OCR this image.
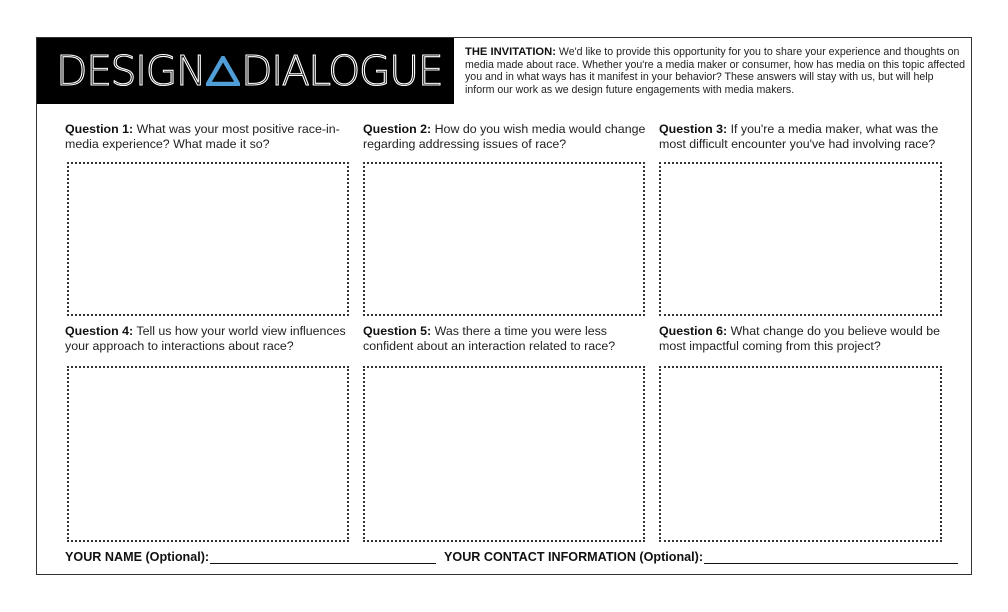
DESIGN DIALOGUE THE INVITATION: We'd like to provide this opportunity for you to share your experience and thoughts on media made about race. Whether you're a media maker or consumer, how has media on this topic affected you and in what ways has it manifest in your behavior? These answers will stay with us, but will help inform our work as we design future engagements with media makers.
Question 1: What was your most positive race-in-media experience? What made it so?
Question 2: How do you wish media would change regarding addressing issues of race?
Question 3: If you're a media maker, what was the most difficult encounter you've had involving race?
Question 4: Tell us how your world view influences your approach to interactions about race?
Question 5: Was there a time you were less confident about an interaction related to race?
Question 6: What change do you believe would be most impactful coming from this project?
YOUR NAME (Optional):	YOUR CONTACT INFORMATION (Optional):
